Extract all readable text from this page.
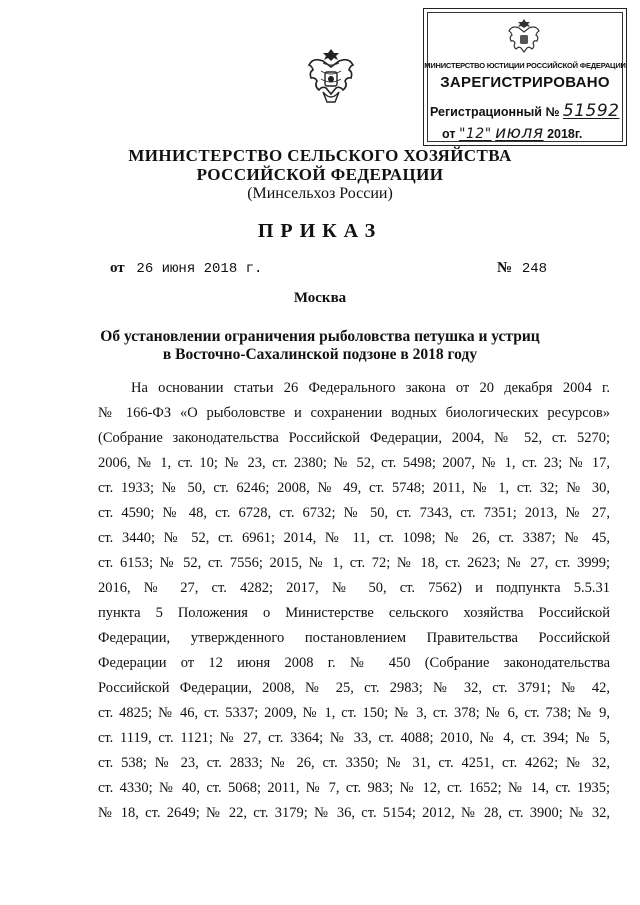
МИНИСТЕРСТВО ЮСТИЦИИ РОССИЙСКОЙ ФЕДЕРАЦИИ
ЗАРЕГИСТРИРОВАНО
Регистрационный № 51592
от "12" июля 2018г.
МИНИСТЕРСТВО СЕЛЬСКОГО ХОЗЯЙСТВА
РОССИЙСКОЙ ФЕДЕРАЦИИ
(Минсельхоз России)
ПРИКАЗ
от 26 июня 2018 г.	№ 248
Москва
Об установлении ограничения рыболовства петушка и устриц
в Восточно-Сахалинской подзоне в 2018 году
На основании статьи 26 Федерального закона от 20 декабря 2004 г.
№ 166-ФЗ «О рыболовстве и сохранении водных биологических ресурсов»
(Собрание законодательства Российской Федерации, 2004, № 52, ст. 5270;
2006, № 1, ст. 10; № 23, ст. 2380; № 52, ст. 5498; 2007, № 1, ст. 23; № 17,
ст. 1933; № 50, ст. 6246; 2008, № 49, ст. 5748; 2011, № 1, ст. 32; № 30,
ст. 4590; № 48, ст. 6728, ст. 6732; № 50, ст. 7343, ст. 7351; 2013, № 27,
ст. 3440; № 52, ст. 6961; 2014, № 11, ст. 1098; № 26, ст. 3387; № 45,
ст. 6153; № 52, ст. 7556; 2015, № 1, ст. 72; № 18, ст. 2623; № 27, ст. 3999;
2016, № 27, ст. 4282; 2017, № 50, ст. 7562) и подпункта 5.5.31
пункта 5 Положения о Министерстве сельского хозяйства Российской
Федерации, утвержденного постановлением Правительства Российской
Федерации от 12 июня 2008 г. № 450 (Собрание законодательства
Российской Федерации, 2008, № 25, ст. 2983; № 32, ст. 3791; № 42,
ст. 4825; № 46, ст. 5337; 2009, № 1, ст. 150; № 3, ст. 378; № 6, ст. 738; № 9,
ст. 1119, ст. 1121; № 27, ст. 3364; № 33, ст. 4088; 2010, № 4, ст. 394; № 5,
ст. 538; № 23, ст. 2833; № 26, ст. 3350; № 31, ст. 4251, ст. 4262; № 32,
ст. 4330; № 40, ст. 5068; 2011, № 7, ст. 983; № 12, ст. 1652; № 14, ст. 1935;
№ 18, ст. 2649; № 22, ст. 3179; № 36, ст. 5154; 2012, № 28, ст. 3900; № 32,
